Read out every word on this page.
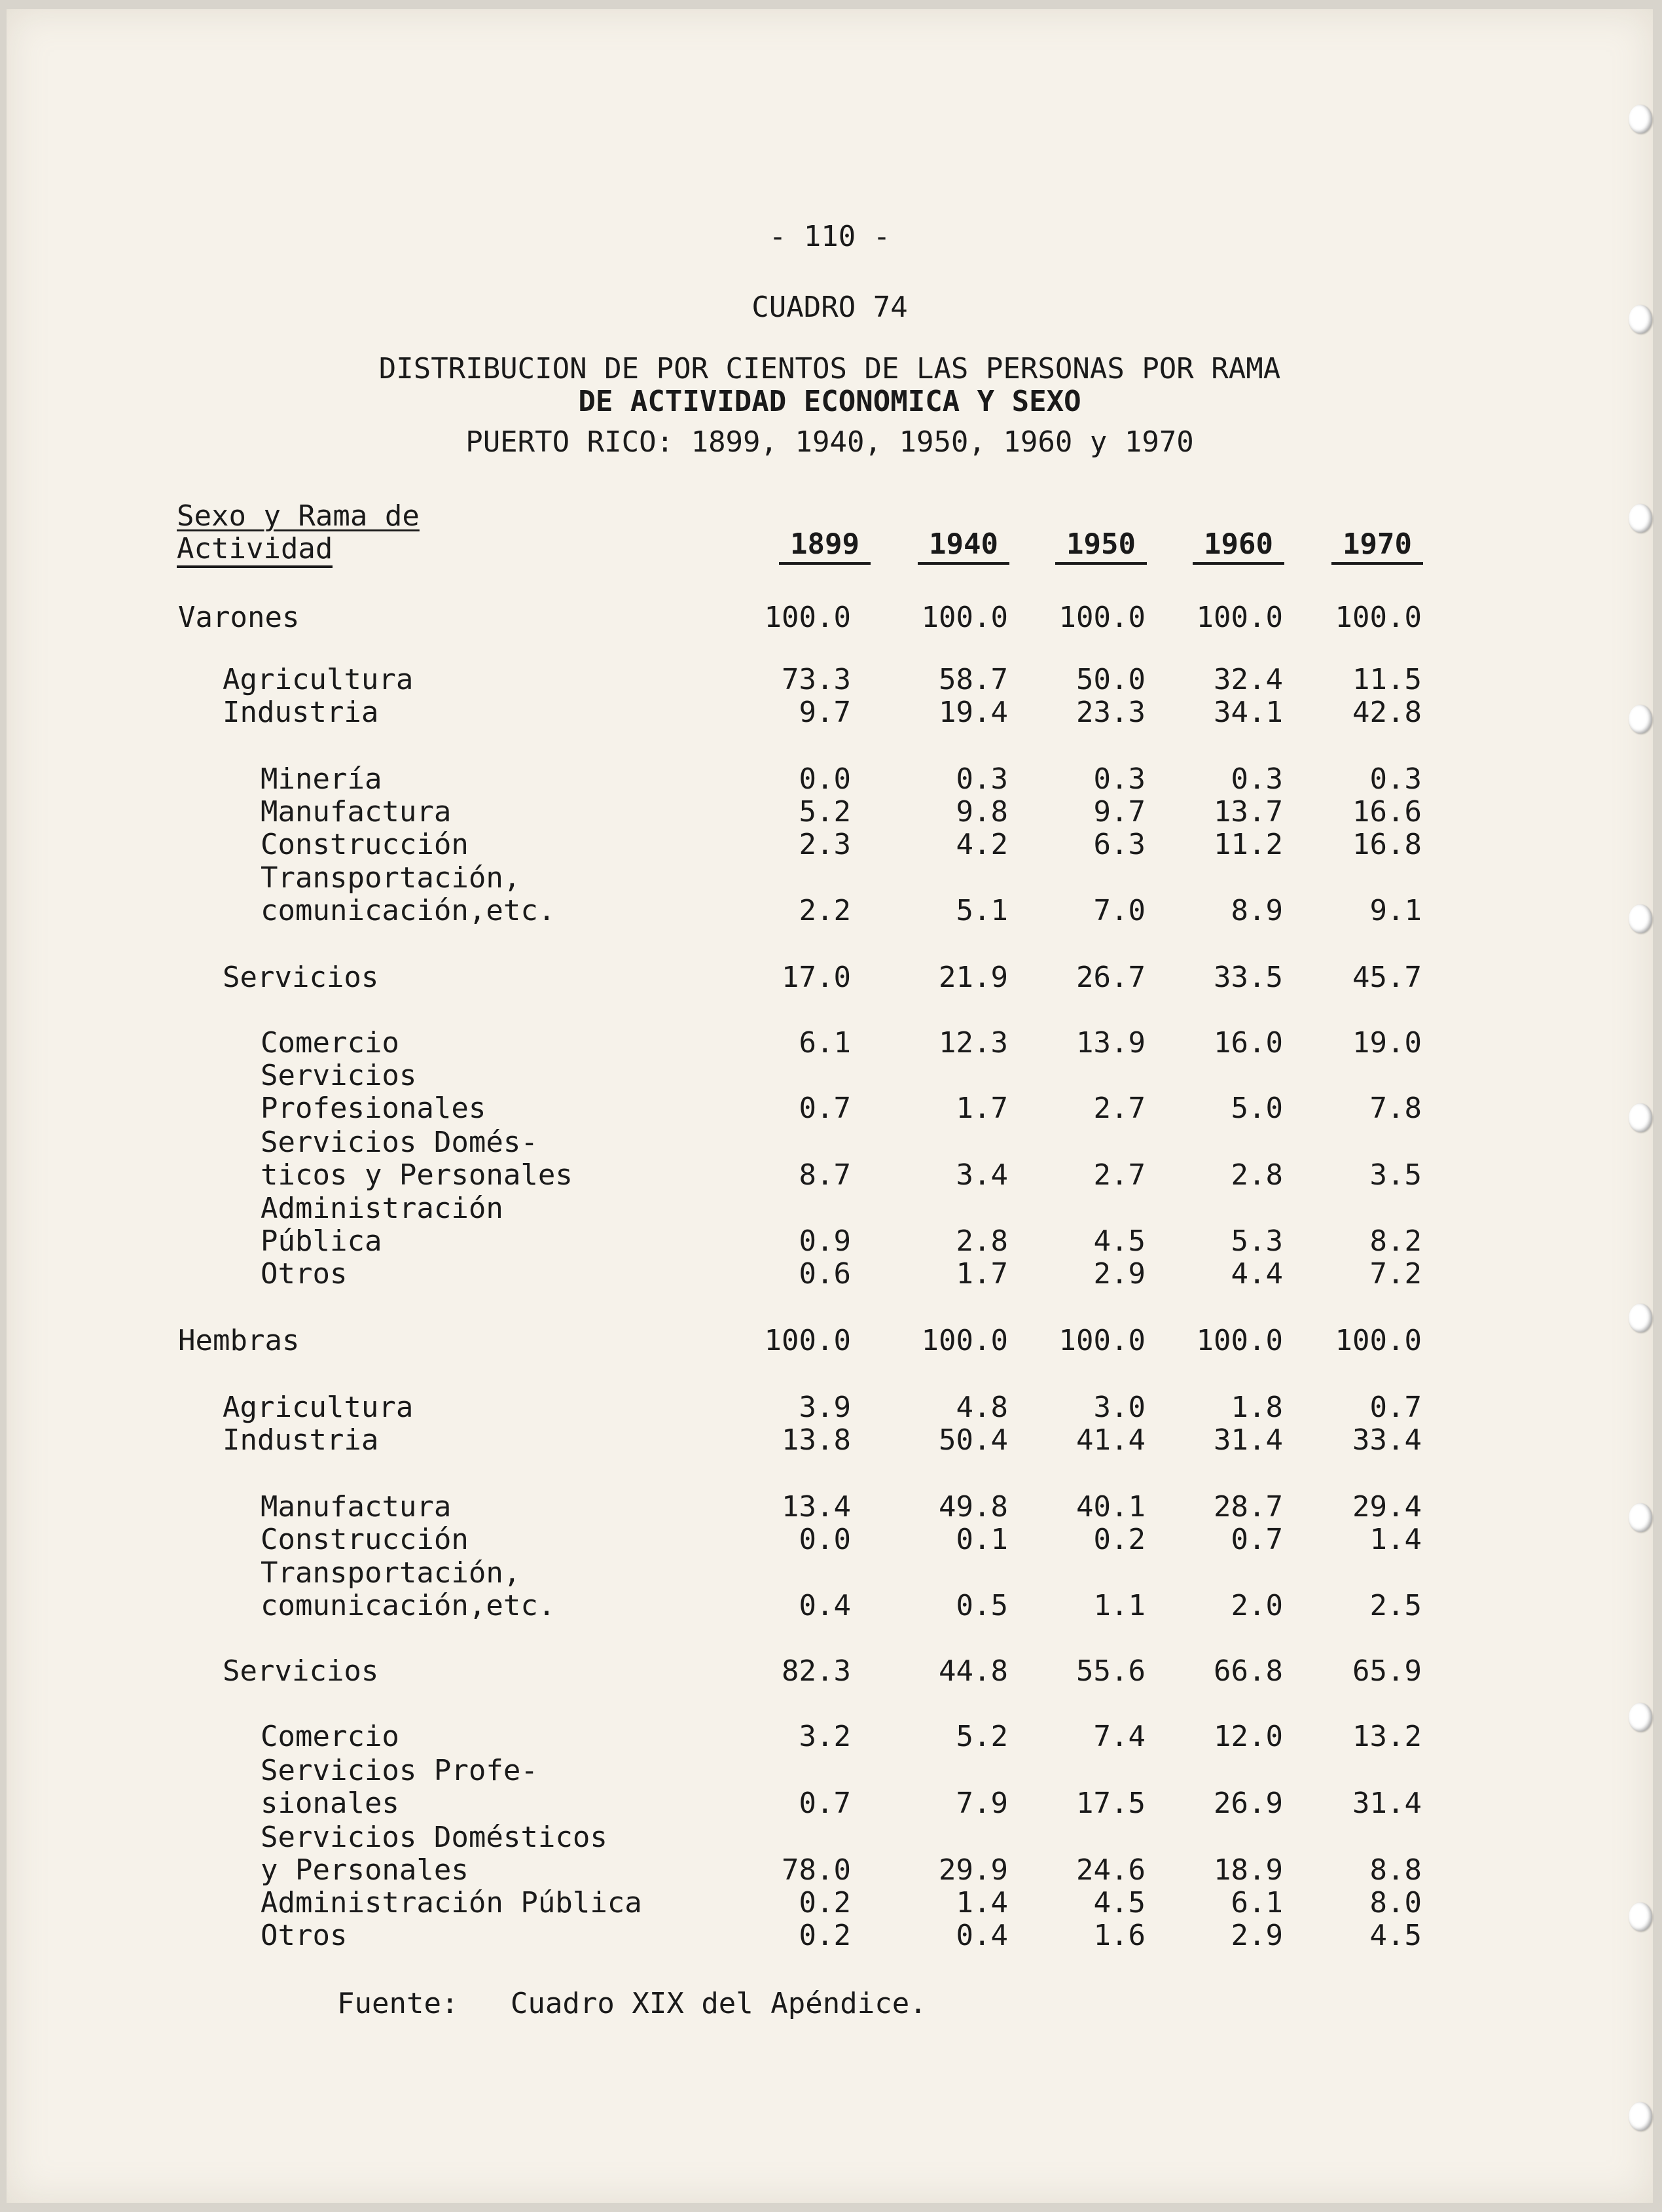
- 110 -
CUADRO 74
DISTRIBUCION DE POR CIENTOS DE LAS PERSONAS POR RAMA
DE ACTIVIDAD ECONOMICA Y SEXO
PUERTO RICO: 1899, 1940, 1950, 1960 y 1970
Sexo y Rama de
Actividad	1899	1940	1950	1960	1970
Varones	100.0	100.0	100.0	100.0	100.0
Agricultura	73.3	58.7	50.0	32.4	11.5
Industria	9.7	19.4	23.3	34.1	42.8
Minería	0.0	0.3	0.3	0.3	0.3
Manufactura	5.2	9.8	9.7	13.7	16.6
Construcción	2.3	4.2	6.3	11.2	16.8
Transportación,
comunicación,etc.	2.2	5.1	7.0	8.9	9.1
Servicios	17.0	21.9	26.7	33.5	45.7
Comercio	6.1	12.3	13.9	16.0	19.0
Servicios
Profesionales	0.7	1.7	2.7	5.0	7.8
Servicios Domés-
ticos y Personales	8.7	3.4	2.7	2.8	3.5
Administración
Pública	0.9	2.8	4.5	5.3	8.2
Otros	0.6	1.7	2.9	4.4	7.2
Hembras	100.0	100.0	100.0	100.0	100.0
Agricultura	3.9	4.8	3.0	1.8	0.7
Industria	13.8	50.4	41.4	31.4	33.4
Manufactura	13.4	49.8	40.1	28.7	29.4
Construcción	0.0	0.1	0.2	0.7	1.4
Transportación,
comunicación,etc.	0.4	0.5	1.1	2.0	2.5
Servicios	82.3	44.8	55.6	66.8	65.9
Comercio	3.2	5.2	7.4	12.0	13.2
Servicios Profe-
sionales	0.7	7.9	17.5	26.9	31.4
Servicios Domésticos
y Personales	78.0	29.9	24.6	18.9	8.8
Administración Pública	0.2	1.4	4.5	6.1	8.0
Otros	0.2	0.4	1.6	2.9	4.5
Fuente: Cuadro XIX del Apéndice.
